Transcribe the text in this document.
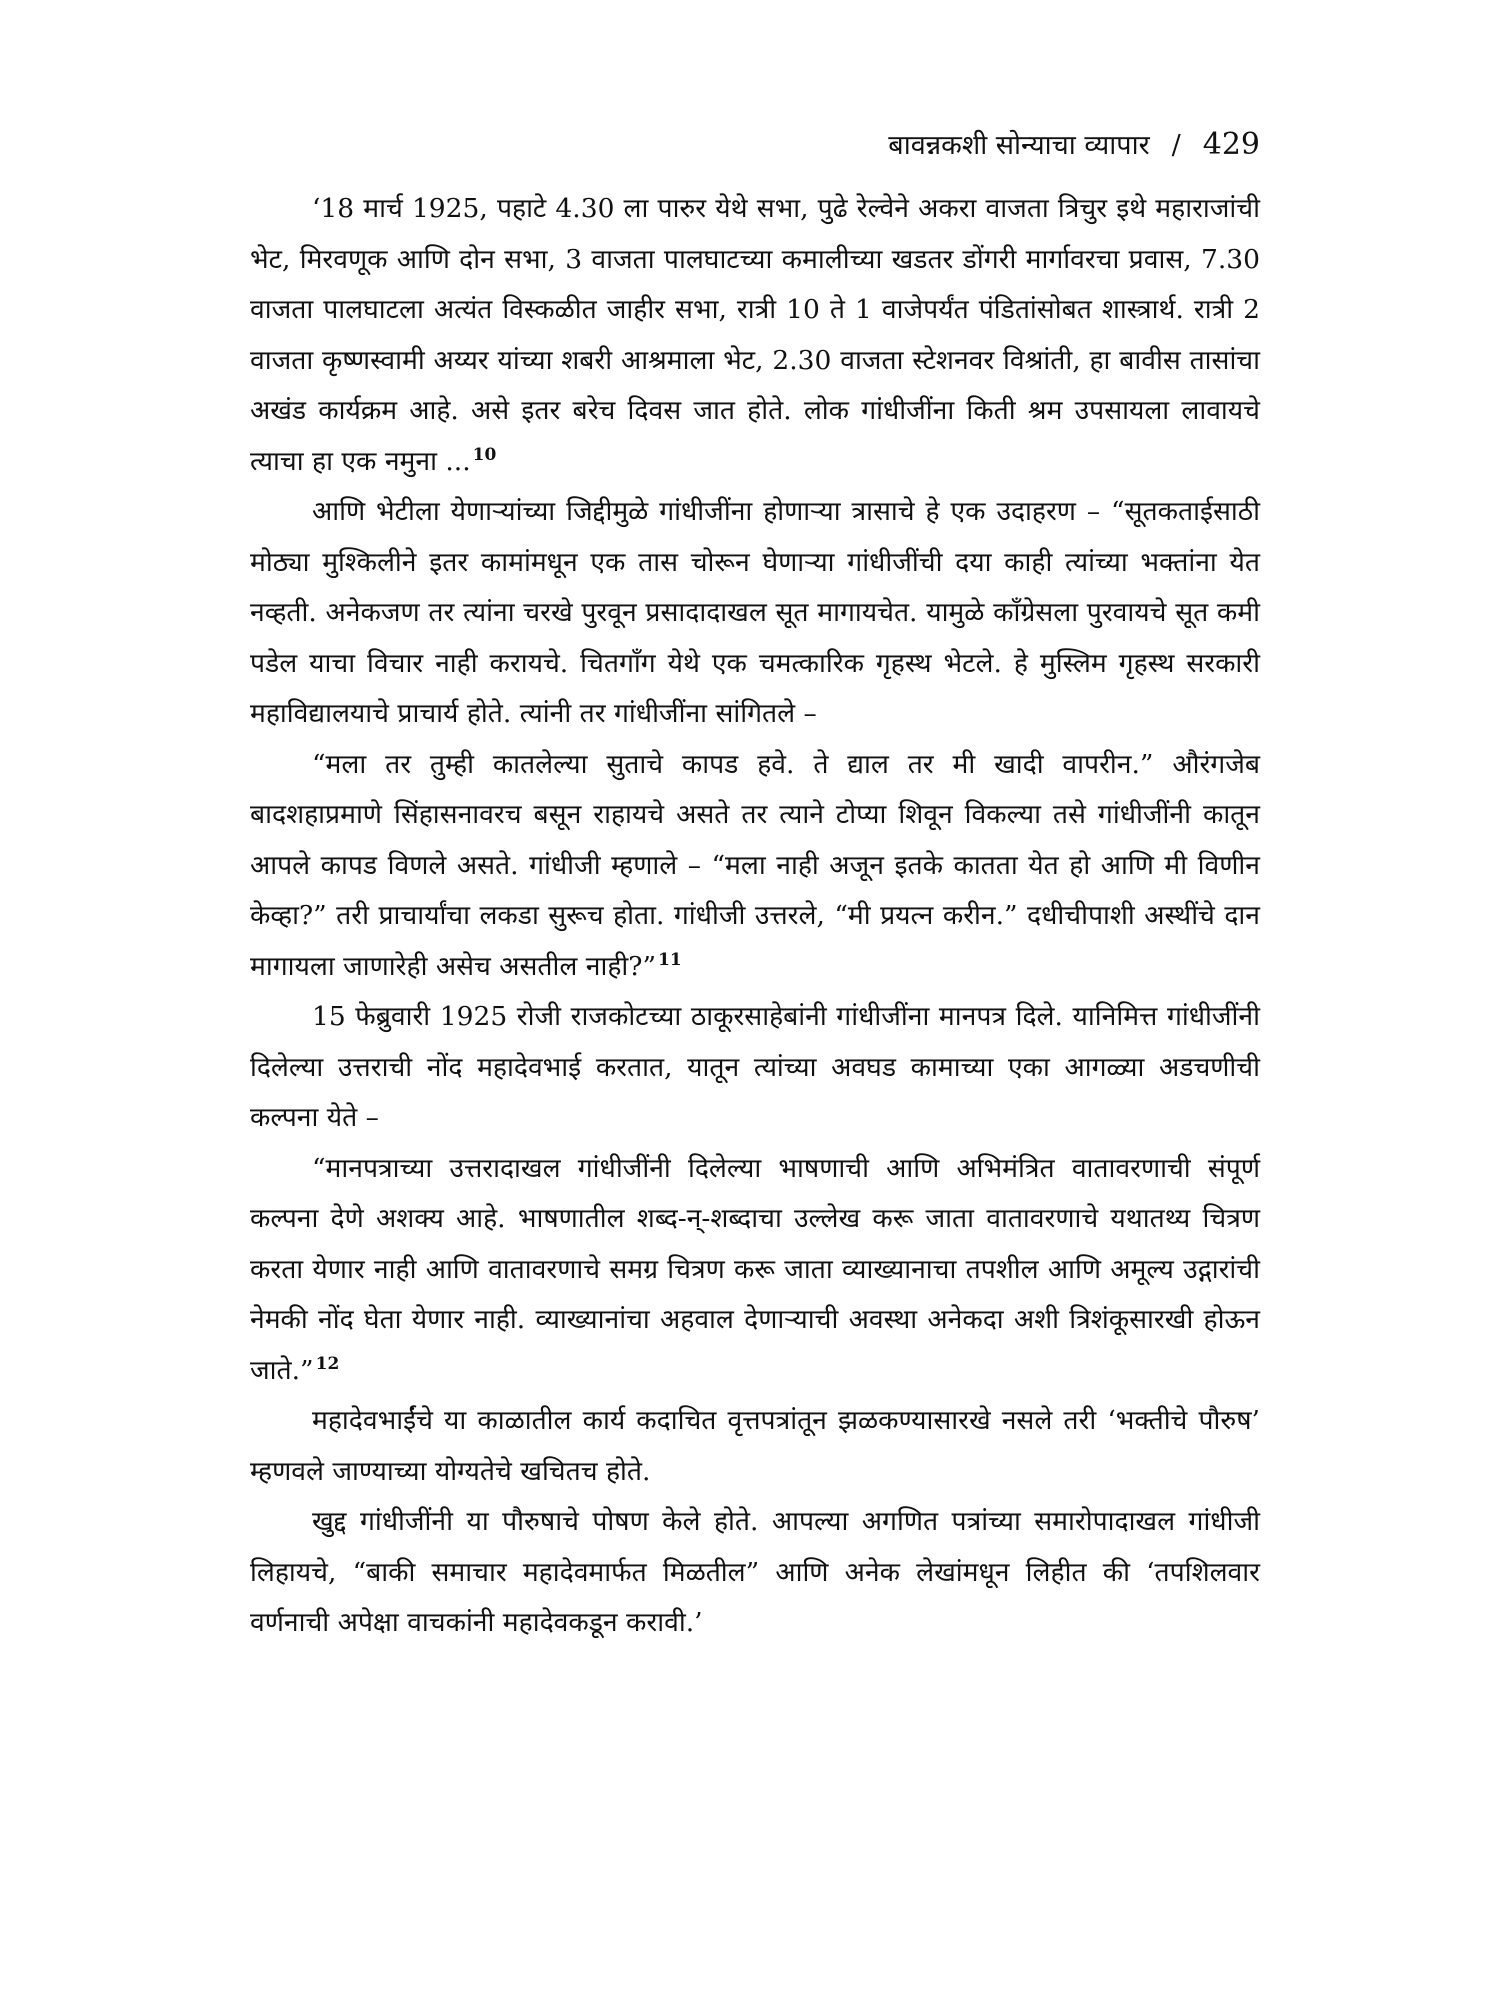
बावन्नकशी सोन्याचा व्यापार / 429

‘18 मार्च 1925, पहाटे 4.30 ला पारुर येथे सभा, पुढे रेल्वेने अकरा वाजता त्रिचुर इथे महाराजांची भेट, मिरवणूक आणि दोन सभा, 3 वाजता पालघाटच्या कमालीच्या खडतर डोंगरी मार्गावरचा प्रवास, 7.30 वाजता पालघाटला अत्यंत विस्कळीत जाहीर सभा, रात्री 10 ते 1 वाजेपर्यंत पंडितांसोबत शास्त्रार्थ. रात्री 2 वाजता कृष्णस्वामी अय्यर यांच्या शबरी आश्रमाला भेट, 2.30 वाजता स्टेशनवर विश्रांती, हा बावीस तासांचा अखंड कार्यक्रम आहे. असे इतर बरेच दिवस जात होते. लोक गांधीजींना किती श्रम उपसायला लावायचे त्याचा हा एक नमुना ... $^{10}$

आणि भेटीला येणाऱ्यांच्या जिद्दीमुळे गांधीजींना होणाऱ्या त्रासाचे हे एक उदाहरण – “सूतकताईसाठी मोठ्या मुश्किलीने इतर कामांमधून एक तास चोरून घेणाऱ्या गांधीजींची दया काही त्यांच्या भक्तांना येत नव्हती. अनेकजण तर त्यांना चरखे पुरवून प्रसादादाखल सूत मागायचेत. यामुळे काँग्रेसला पुरवायचे सूत कमी पडेल याचा विचार नाही करायचे. चितगाँग येथे एक चमत्कारिक गृहस्थ भेटले. हे मुस्लिम गृहस्थ सरकारी महाविद्यालयाचे प्राचार्य होते. त्यांनी तर गांधीजींना सांगितले –

“मला तर तुम्ही कातलेल्या सुताचे कापड हवे. ते द्याल तर मी खादी वापरीन.” औरंगजेब बादशहाप्रमाणे सिंहासनावरच बसून राहायचे असते तर त्याने टोप्या शिवून विकल्या तसे गांधीजींनी कातून आपले कापड विणले असते. गांधीजी म्हणाले – “मला नाही अजून इतके कातता येत हो आणि मी विणीन केव्हा?” तरी प्राचार्यांचा लकडा सुरूच होता. गांधीजी उत्तरले, “मी प्रयत्न करीन.” दधीचीपाशी अस्थींचे दान मागायला जाणारेही असेच असतील नाही?” $^{11}$

15 फेब्रुवारी 1925 रोजी राजकोटच्या ठाकूरसाहेबांनी गांधीजींना मानपत्र दिले. यानिमित्त गांधीजींनी दिलेल्या उत्तराची नोंद महादेवभाई करतात, यातून त्यांच्या अवघड कामाच्या एका आगळ्या अडचणीची कल्पना येते –

“मानपत्राच्या उत्तरादाखल गांधीजींनी दिलेल्या भाषणाची आणि अभिमंत्रित वातावरणाची संपूर्ण कल्पना देणे अशक्य आहे. भाषणातील शब्द-न्-शब्दाचा उल्लेख करू जाता वातावरणाचे यथातथ्य चित्रण करता येणार नाही आणि वातावरणाचे समग्र चित्रण करू जाता व्याख्यानाचा तपशील आणि अमूल्य उद्गारांची नेमकी नोंद घेता येणार नाही. व्याख्यानांचा अहवाल देणाऱ्याची अवस्था अनेकदा अशी त्रिशंकूसारखी होऊन जाते.” $^{12}$

महादेवभाईंचे या काळातील कार्य कदाचित वृत्तपत्रांतून झळकण्यासारखे नसले तरी ‘भक्तीचे पौरुष’ म्हणवले जाण्याच्या योग्यतेचे खचितच होते.

खुद्द गांधीजींनी या पौरुषाचे पोषण केले होते. आपल्या अगणित पत्रांच्या समारोपादाखल गांधीजी लिहायचे, “बाकी समाचार महादेवमार्फत मिळतील” आणि अनेक लेखांमधून लिहीत की ‘तपशिलवार वर्णनाची अपेक्षा वाचकांनी महादेवकडून करावी.’
